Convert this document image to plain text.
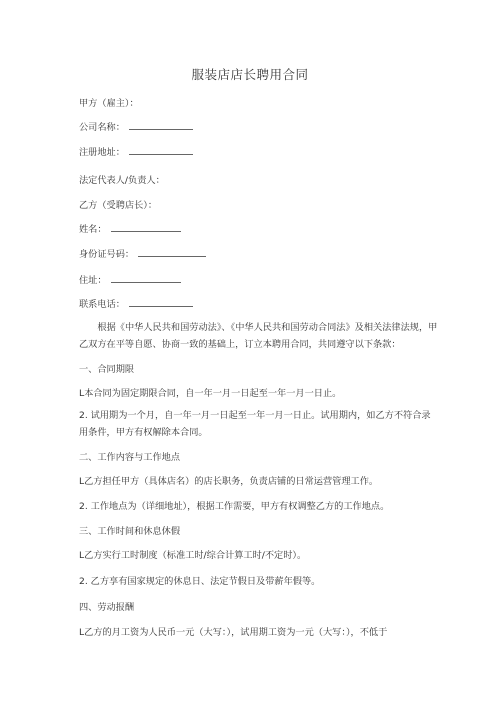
服装店店长聘用合同
甲方（雇主）：
公司名称：
注册地址：
法定代表人/负责人：
乙方（受聘店长）：
姓名：
身份证号码：
住址：
联系电话：
根据《中华人民共和国劳动法》、《中华人民共和国劳动合同法》及相关法律法规，甲乙双方在平等自愿、协商一致的基础上，订立本聘用合同，共同遵守以下条款：
一、合同期限
L本合同为固定期限合同，自一年一月一日起至一年一月一日止。
2. 试用期为一个月，自一年一月一日起至一年一月一日止。试用期内，如乙方不符合录用条件，甲方有权解除本合同。
二、工作内容与工作地点
L乙方担任甲方（具体店名）的店长职务，负责店铺的日常运营管理工作。
2. 工作地点为（详细地址），根据工作需要，甲方有权调整乙方的工作地点。
三、工作时间和休息休假
L乙方实行工时制度（标准工时/综合计算工时/不定时）。
2. 乙方享有国家规定的休息日、法定节假日及带薪年假等。
四、劳动报酬
L乙方的月工资为人民币一元（大写：），试用期工资为一元（大写：），不低于
